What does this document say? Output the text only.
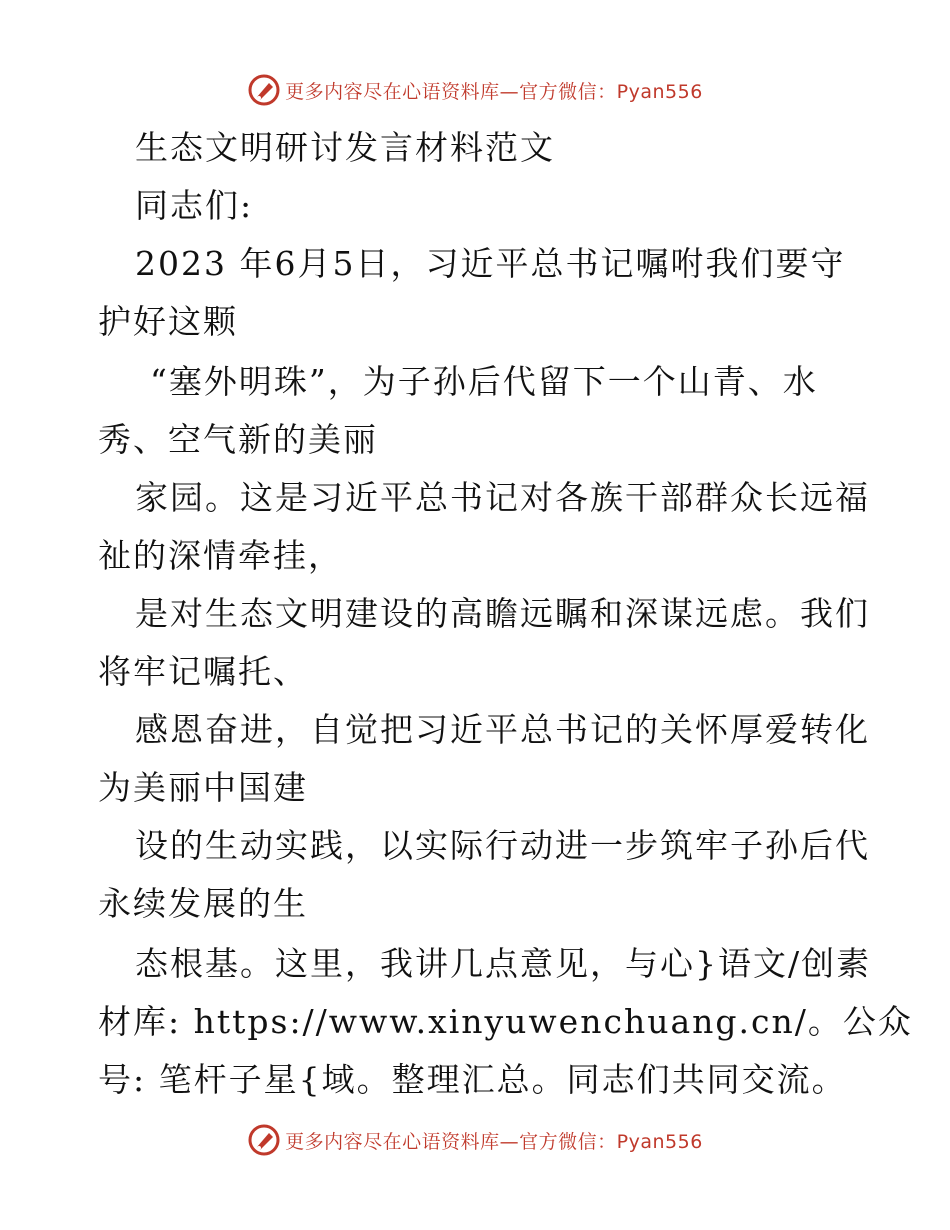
更多内容尽在心语资料库—官方微信：Pyan556
生态文明研讨发言材料范文
同志们:
2023 年6月5日，习近平总书记嘱咐我们要守
护好这颗
“塞外明珠”，为子孙后代留下一个山青、水
秀、空气新的美丽
家园。这是习近平总书记对各族干部群众长远福
祉的深情牵挂，
是对生态文明建设的高瞻远瞩和深谋远虑。我们
将牢记嘱托、
感恩奋进，自觉把习近平总书记的关怀厚爱转化
为美丽中国建
设的生动实践，以实际行动进一步筑牢子孙后代
永续发展的生
态根基。这里，我讲几点意见，与心}语文/创素
材库: https://www.xinyuwenchuang.cn/。公众
号: 笔杆子星{域。整理汇总。同志们共同交流。
更多内容尽在心语资料库—官方微信：Pyan556
